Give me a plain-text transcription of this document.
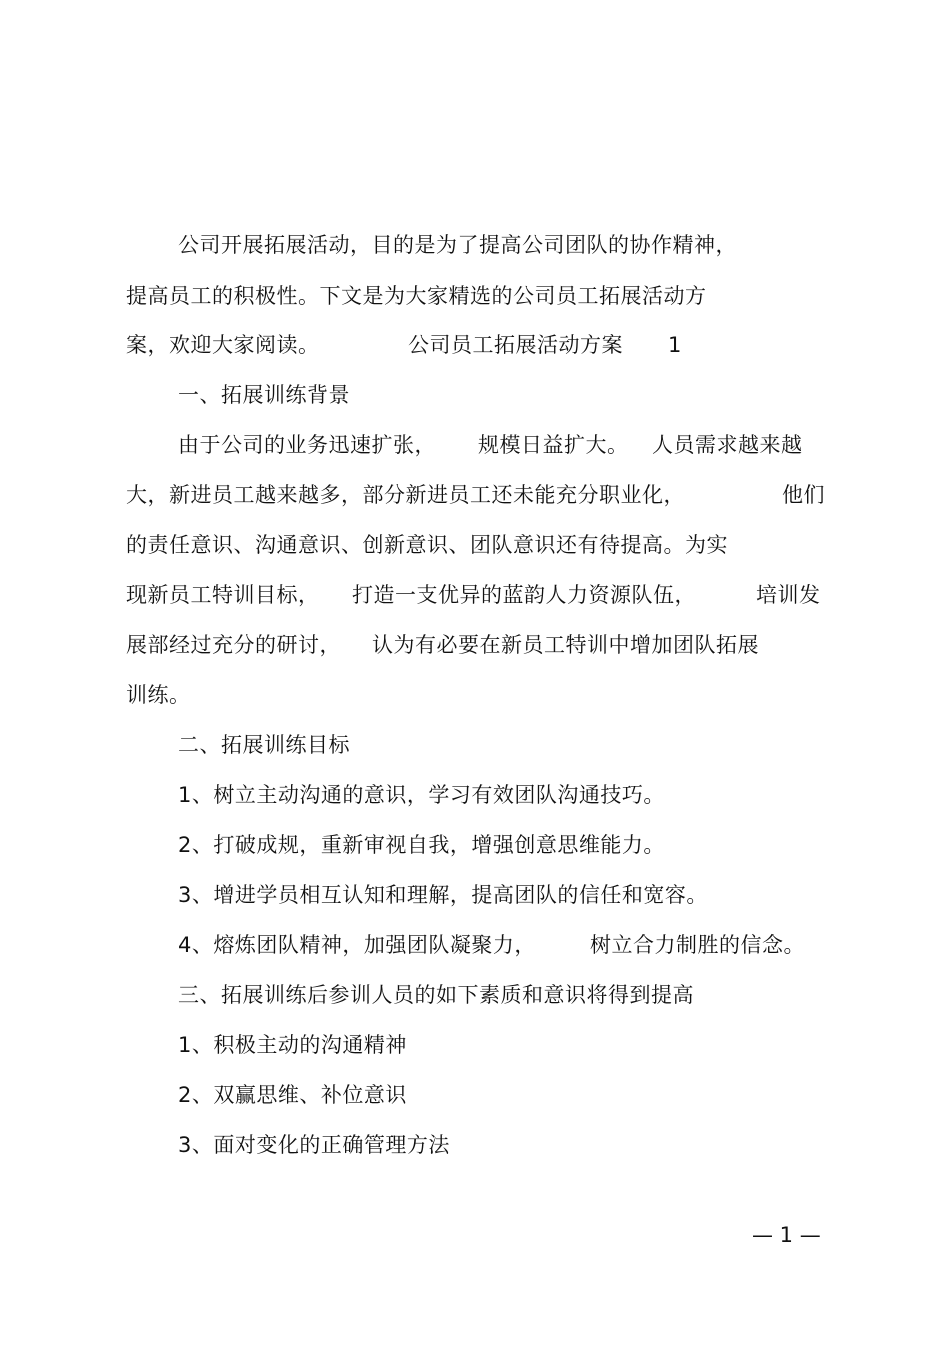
公司开展拓展活动，目的是为了提高公司团队的协作精神，
提高员工的积极性。下文是为大家精选的公司员工拓展活动方
案，欢迎大家阅读。	公司员工拓展活动方案 1
一、拓展训练背景
由于公司的业务迅速扩张， 规模日益扩大。 人员需求越来越
大，新进员工越来越多，部分新进员工还未能充分职业化，	他们
的责任意识、沟通意识、创新意识、团队意识还有待提高。为实
现新员工特训目标， 打造一支优异的蓝韵人力资源队伍，	培训发
展部经过充分的研讨， 认为有必要在新员工特训中增加团队拓展
训练。
二、拓展训练目标
1、树立主动沟通的意识，学习有效团队沟通技巧。
2、打破成规，重新审视自我，增强创意思维能力。
3、增进学员相互认知和理解，提高团队的信任和宽容。
4、熔炼团队精神，加强团队凝聚力，	树立合力制胜的信念。
三、拓展训练后参训人员的如下素质和意识将得到提高
1、积极主动的沟通精神
2、双赢思维、补位意识
3、面对变化的正确管理方法
— 1 —
